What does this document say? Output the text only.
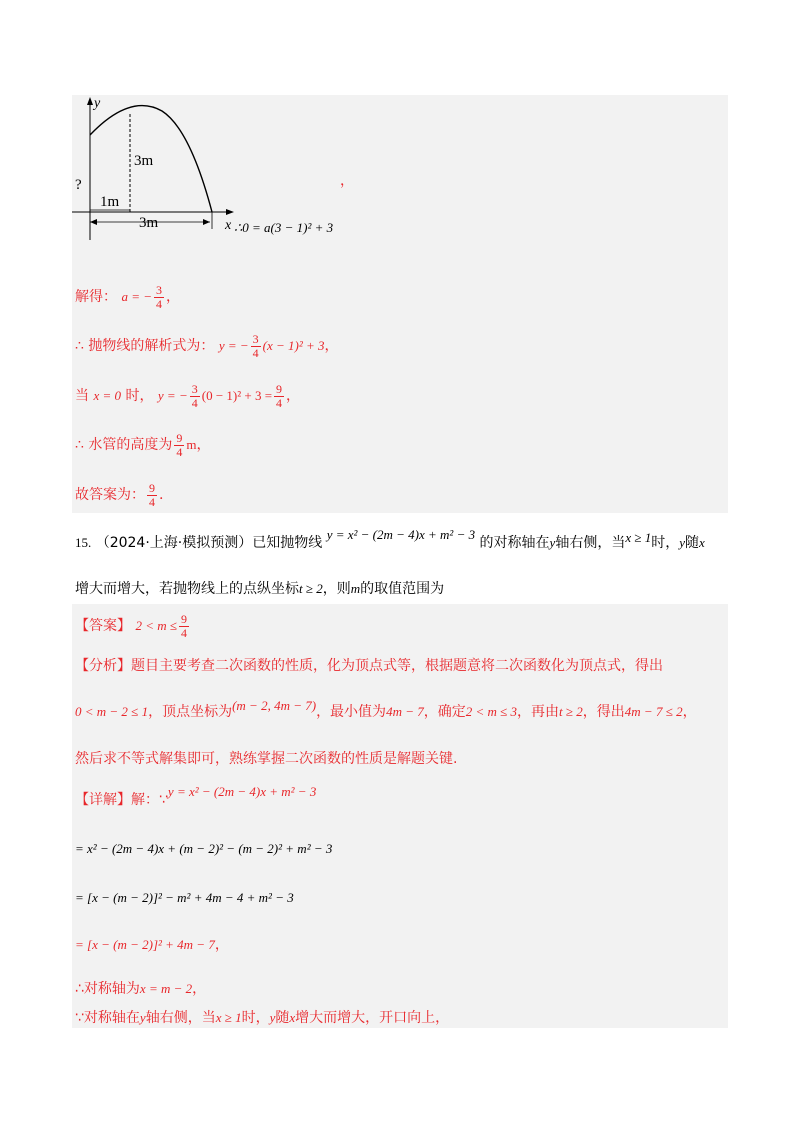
y
x
?
3m
1m
3m
，
∴0 = a(3 − 1)² + 3
解得： a = − $\frac{3}{4}$ ，
∴ 抛物线的解析式为： y = − $\frac{3}{4} (x - 1)^2 + 3$，
当 x = 0 时， y = − $\frac{3}{4} (0 - 1)^2 + 3 = \frac{9}{4}$ ，
∴ 水管的高度为 $\frac{9}{4}$ m，
故答案为： $\frac{9}{4}$ .
15. （2024·上海·模拟预测）已知抛物线 y = x² − (2m − 4)x + m² − 3 的对称轴在y轴右侧，当x ≥ 1时，y随x
增大而增大，若抛物线上的点纵坐标t ≥ 2，则m的取值范围为
【答案】 $2 < m \le \frac{9}{4}$
【分析】题目主要考查二次函数的性质，化为顶点式等，根据题意将二次函数化为顶点式，得出
0 < m − 2 ≤ 1，顶点坐标为(m − 2, 4m − 7)，最小值为4m − 7，确定2 < m ≤ 3，再由t ≥ 2，得出4m − 7 ≤ 2，
然后求不等式解集即可，熟练掌握二次函数的性质是解题关键.
【详解】解：∵y = x² − (2m − 4)x + m² − 3
= x² − (2m − 4)x + (m − 2)² − (m − 2)² + m² − 3
= [x − (m − 2)]² − m² + 4m − 4 + m² − 3
= [x − (m − 2)]² + 4m − 7，
∴对称轴为x = m − 2，
∵对称轴在y轴右侧，当x ≥ 1时，y随x增大而增大，开口向上，
